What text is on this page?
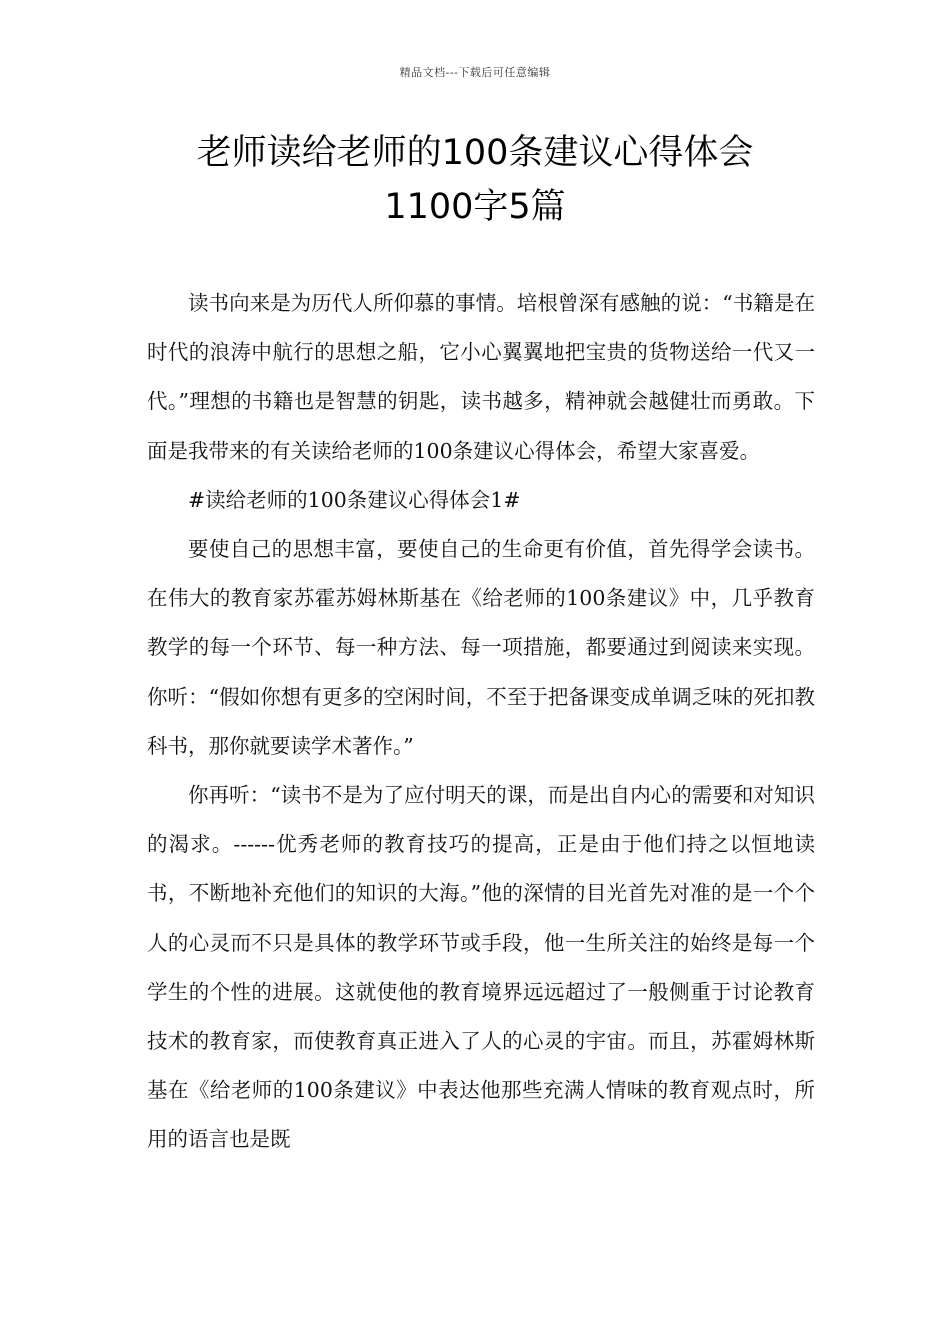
精品文档---下载后可任意编辑
老师读给老师的100条建议心得体会
1100字5篇

读书向来是为历代人所仰慕的事情。培根曾深有感触的说：“书籍是在时代的浪涛中航行的思想之船，它小心翼翼地把宝贵的货物送给一代又一代。”理想的书籍也是智慧的钥匙，读书越多，精神就会越健壮而勇敢。下面是我带来的有关读给老师的100条建议心得体会，希望大家喜爱。

#读给老师的100条建议心得体会1#

要使自己的思想丰富，要使自己的生命更有价值，首先得学会读书。在伟大的教育家苏霍苏姆林斯基在《给老师的100条建议》中，几乎教育教学的每一个环节、每一种方法、每一项措施，都要通过到阅读来实现。你听：“假如你想有更多的空闲时间，不至于把备课变成单调乏味的死扣教科书，那你就要读学术著作。”

你再听：“读书不是为了应付明天的课，而是出自内心的需要和对知识的渴求。------优秀老师的教育技巧的提高，正是由于他们持之以恒地读书，不断地补充他们的知识的大海。”他的深情的目光首先对准的是一个个人的心灵而不只是具体的教学环节或手段，他一生所关注的始终是每一个学生的个性的进展。这就使他的教育境界远远超过了一般侧重于讨论教育技术的教育家，而使教育真正进入了人的心灵的宇宙。而且，苏霍姆林斯基在《给老师的100条建议》中表达他那些充满人情味的教育观点时，所用的语言也是既
